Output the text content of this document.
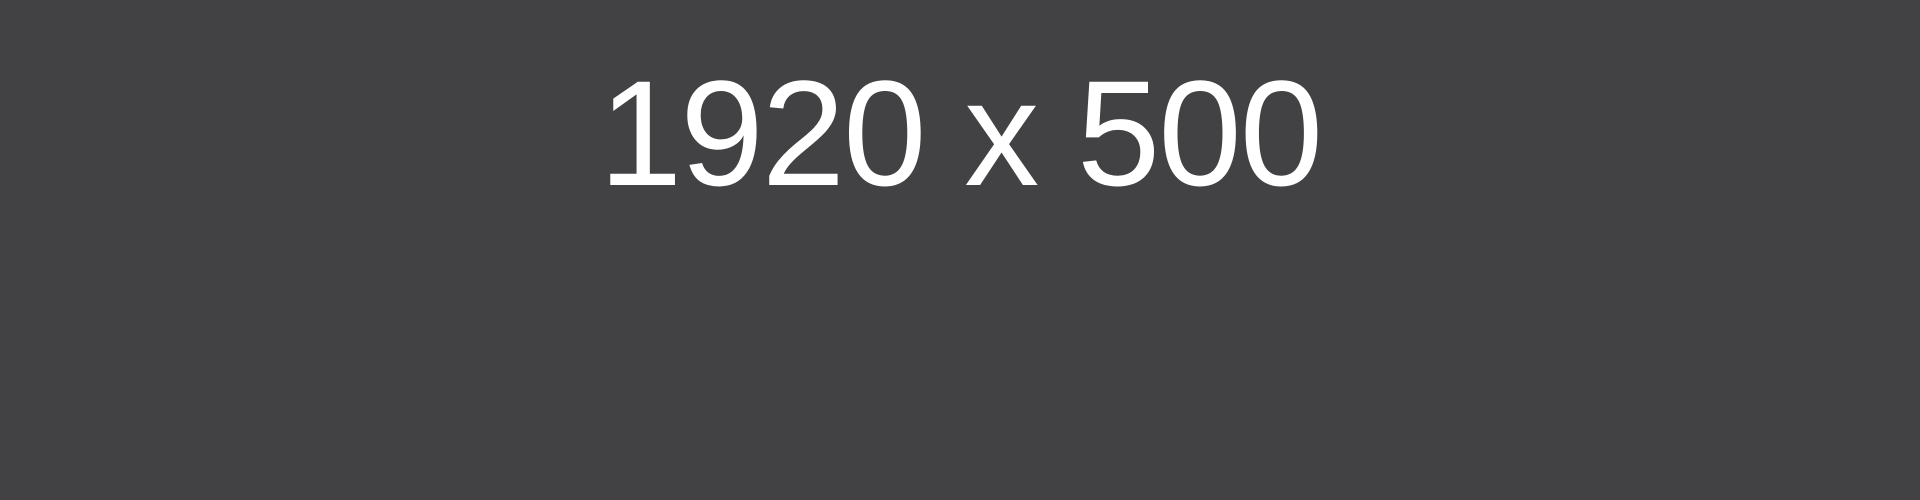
1920 x 500
